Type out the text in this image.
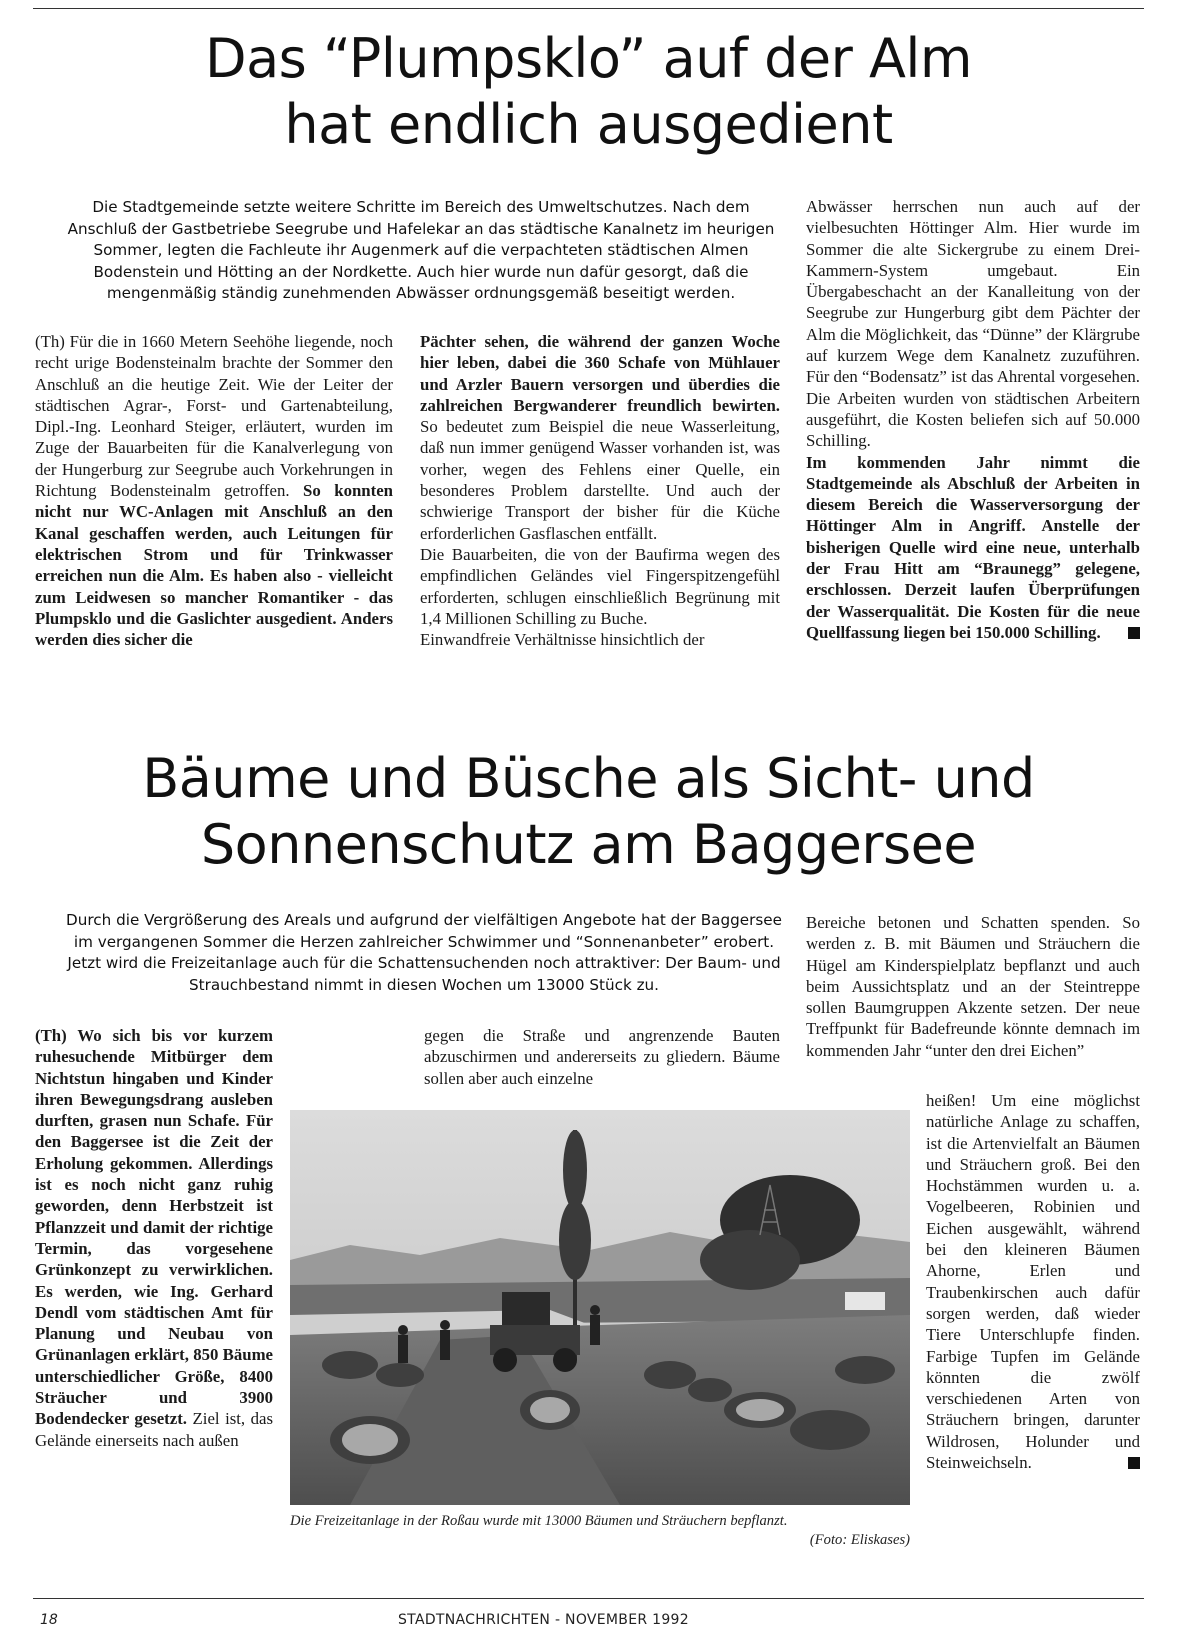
Das “Plumpsklo” auf der Alm
hat endlich ausgedient

Die Stadtgemeinde setzte weitere Schritte im Bereich des Umweltschutzes. Nach dem Anschluß der Gastbetriebe Seegrube und Hafelekar an das städtische Kanalnetz im heurigen Sommer, legten die Fachleute ihr Augenmerk auf die verpachteten städtischen Almen Bodenstein und Hötting an der Nordkette. Auch hier wurde nun dafür gesorgt, daß die mengenmäßig ständig zunehmenden Abwässer ordnungsgemäß beseitigt werden.

(Th) Für die in 1660 Metern Seehöhe liegende, noch recht urige Bodensteinalm brachte der Sommer den Anschluß an die heutige Zeit. Wie der Leiter der städtischen Agrar-, Forst- und Gartenabteilung, Dipl.-Ing. Leonhard Steiger, erläutert, wurden im Zuge der Bauarbeiten für die Kanalverlegung von der Hungerburg zur Seegrube auch Vorkehrungen in Richtung Bodensteinalm getroffen. So konnten nicht nur WC-Anlagen mit Anschluß an den Kanal geschaffen werden, auch Leitungen für elektrischen Strom und für Trinkwasser erreichen nun die Alm. Es haben also - vielleicht zum Leidwesen so mancher Romantiker - das Plumpsklo und die Gaslichter ausgedient. Anders werden dies sicher die

Pächter sehen, die während der ganzen Woche hier leben, dabei die 360 Schafe von Mühlauer und Arzler Bauern versorgen und überdies die zahlreichen Bergwanderer freundlich bewirten. So bedeutet zum Beispiel die neue Wasserleitung, daß nun immer genügend Wasser vorhanden ist, was vorher, wegen des Fehlens einer Quelle, ein besonderes Problem darstellte. Und auch der schwierige Transport der bisher für die Küche erforderlichen Gasflaschen entfällt.

Die Bauarbeiten, die von der Baufirma wegen des empfindlichen Geländes viel Fingerspitzengefühl erforderten, schlugen einschließlich Begrünung mit 1,4 Millionen Schilling zu Buche.

Einwandfreie Verhältnisse hinsichtlich der

Abwässer herrschen nun auch auf der vielbesuchten Höttinger Alm. Hier wurde im Sommer die alte Sickergrube zu einem Drei-Kammern-System umgebaut. Ein Übergabeschacht an der Kanalleitung von der Seegrube zur Hungerburg gibt dem Pächter der Alm die Möglichkeit, das “Dünne” der Klärgrube auf kurzem Wege dem Kanalnetz zuzuführen. Für den “Bodensatz” ist das Ahrental vorgesehen. Die Arbeiten wurden von städtischen Arbeitern ausgeführt, die Kosten beliefen sich auf 50.000 Schilling.

Im kommenden Jahr nimmt die Stadtgemeinde als Abschluß der Arbeiten in diesem Bereich die Wasserversorgung der Höttinger Alm in Angriff. Anstelle der bisherigen Quelle wird eine neue, unterhalb der Frau Hitt am “Braunegg” gelegene, erschlossen. Derzeit laufen Überprüfungen der Wasserqualität. Die Kosten für die neue Quellfassung liegen bei 150.000 Schilling.

Bäume und Büsche als Sicht- und
Sonnenschutz am Baggersee

Durch die Vergrößerung des Areals und aufgrund der vielfältigen Angebote hat der Baggersee im vergangenen Sommer die Herzen zahlreicher Schwimmer und “Sonnenanbeter” erobert. Jetzt wird die Freizeitanlage auch für die Schattensuchenden noch attraktiver: Der Baum- und Strauchbestand nimmt in diesen Wochen um 13000 Stück zu.

(Th) Wo sich bis vor kurzem ruhesuchende Mitbürger dem Nichtstun hingaben und Kinder ihren Bewegungsdrang ausleben durften, grasen nun Schafe. Für den Baggersee ist die Zeit der Erholung gekommen. Allerdings ist es noch nicht ganz ruhig geworden, denn Herbstzeit ist Pflanzzeit und damit der richtige Termin, das vorgesehene Grünkonzept zu verwirklichen. Es werden, wie Ing. Gerhard Dendl vom städtischen Amt für Planung und Neubau von Grünanlagen erklärt, 850 Bäume unterschiedlicher Größe, 8400 Sträucher und 3900 Bodendecker gesetzt. Ziel ist, das Gelände einerseits nach außen

gegen die Straße und angrenzende Bauten abzuschirmen und andererseits zu gliedern. Bäume sollen aber auch einzelne

Bereiche betonen und Schatten spenden. So werden z. B. mit Bäumen und Sträuchern die Hügel am Kinderspielplatz bepflanzt und auch beim Aussichtsplatz und an der Steintreppe sollen Baumgruppen Akzente setzen. Der neue Treffpunkt für Badefreunde könnte demnach im kommenden Jahr “unter den drei Eichen”

heißen! Um eine möglichst natürliche Anlage zu schaffen, ist die Artenvielfalt an Bäumen und Sträuchern groß. Bei den Hochstämmen wurden u. a. Vogelbeeren, Robinien und Eichen ausgewählt, während bei den kleineren Bäumen Ahorne, Erlen und Traubenkirschen auch dafür sorgen werden, daß wieder Tiere Unterschlupfe finden. Farbige Tupfen im Gelände könnten die zwölf verschiedenen Arten von Sträuchern bringen, darunter Wildrosen, Holunder und Steinweichseln.

Die Freizeitanlage in der Roßau wurde mit 13000 Bäumen und Sträuchern bepflanzt.
(Foto: Eliskases)
18	STADTNACHRICHTEN - NOVEMBER 1992
